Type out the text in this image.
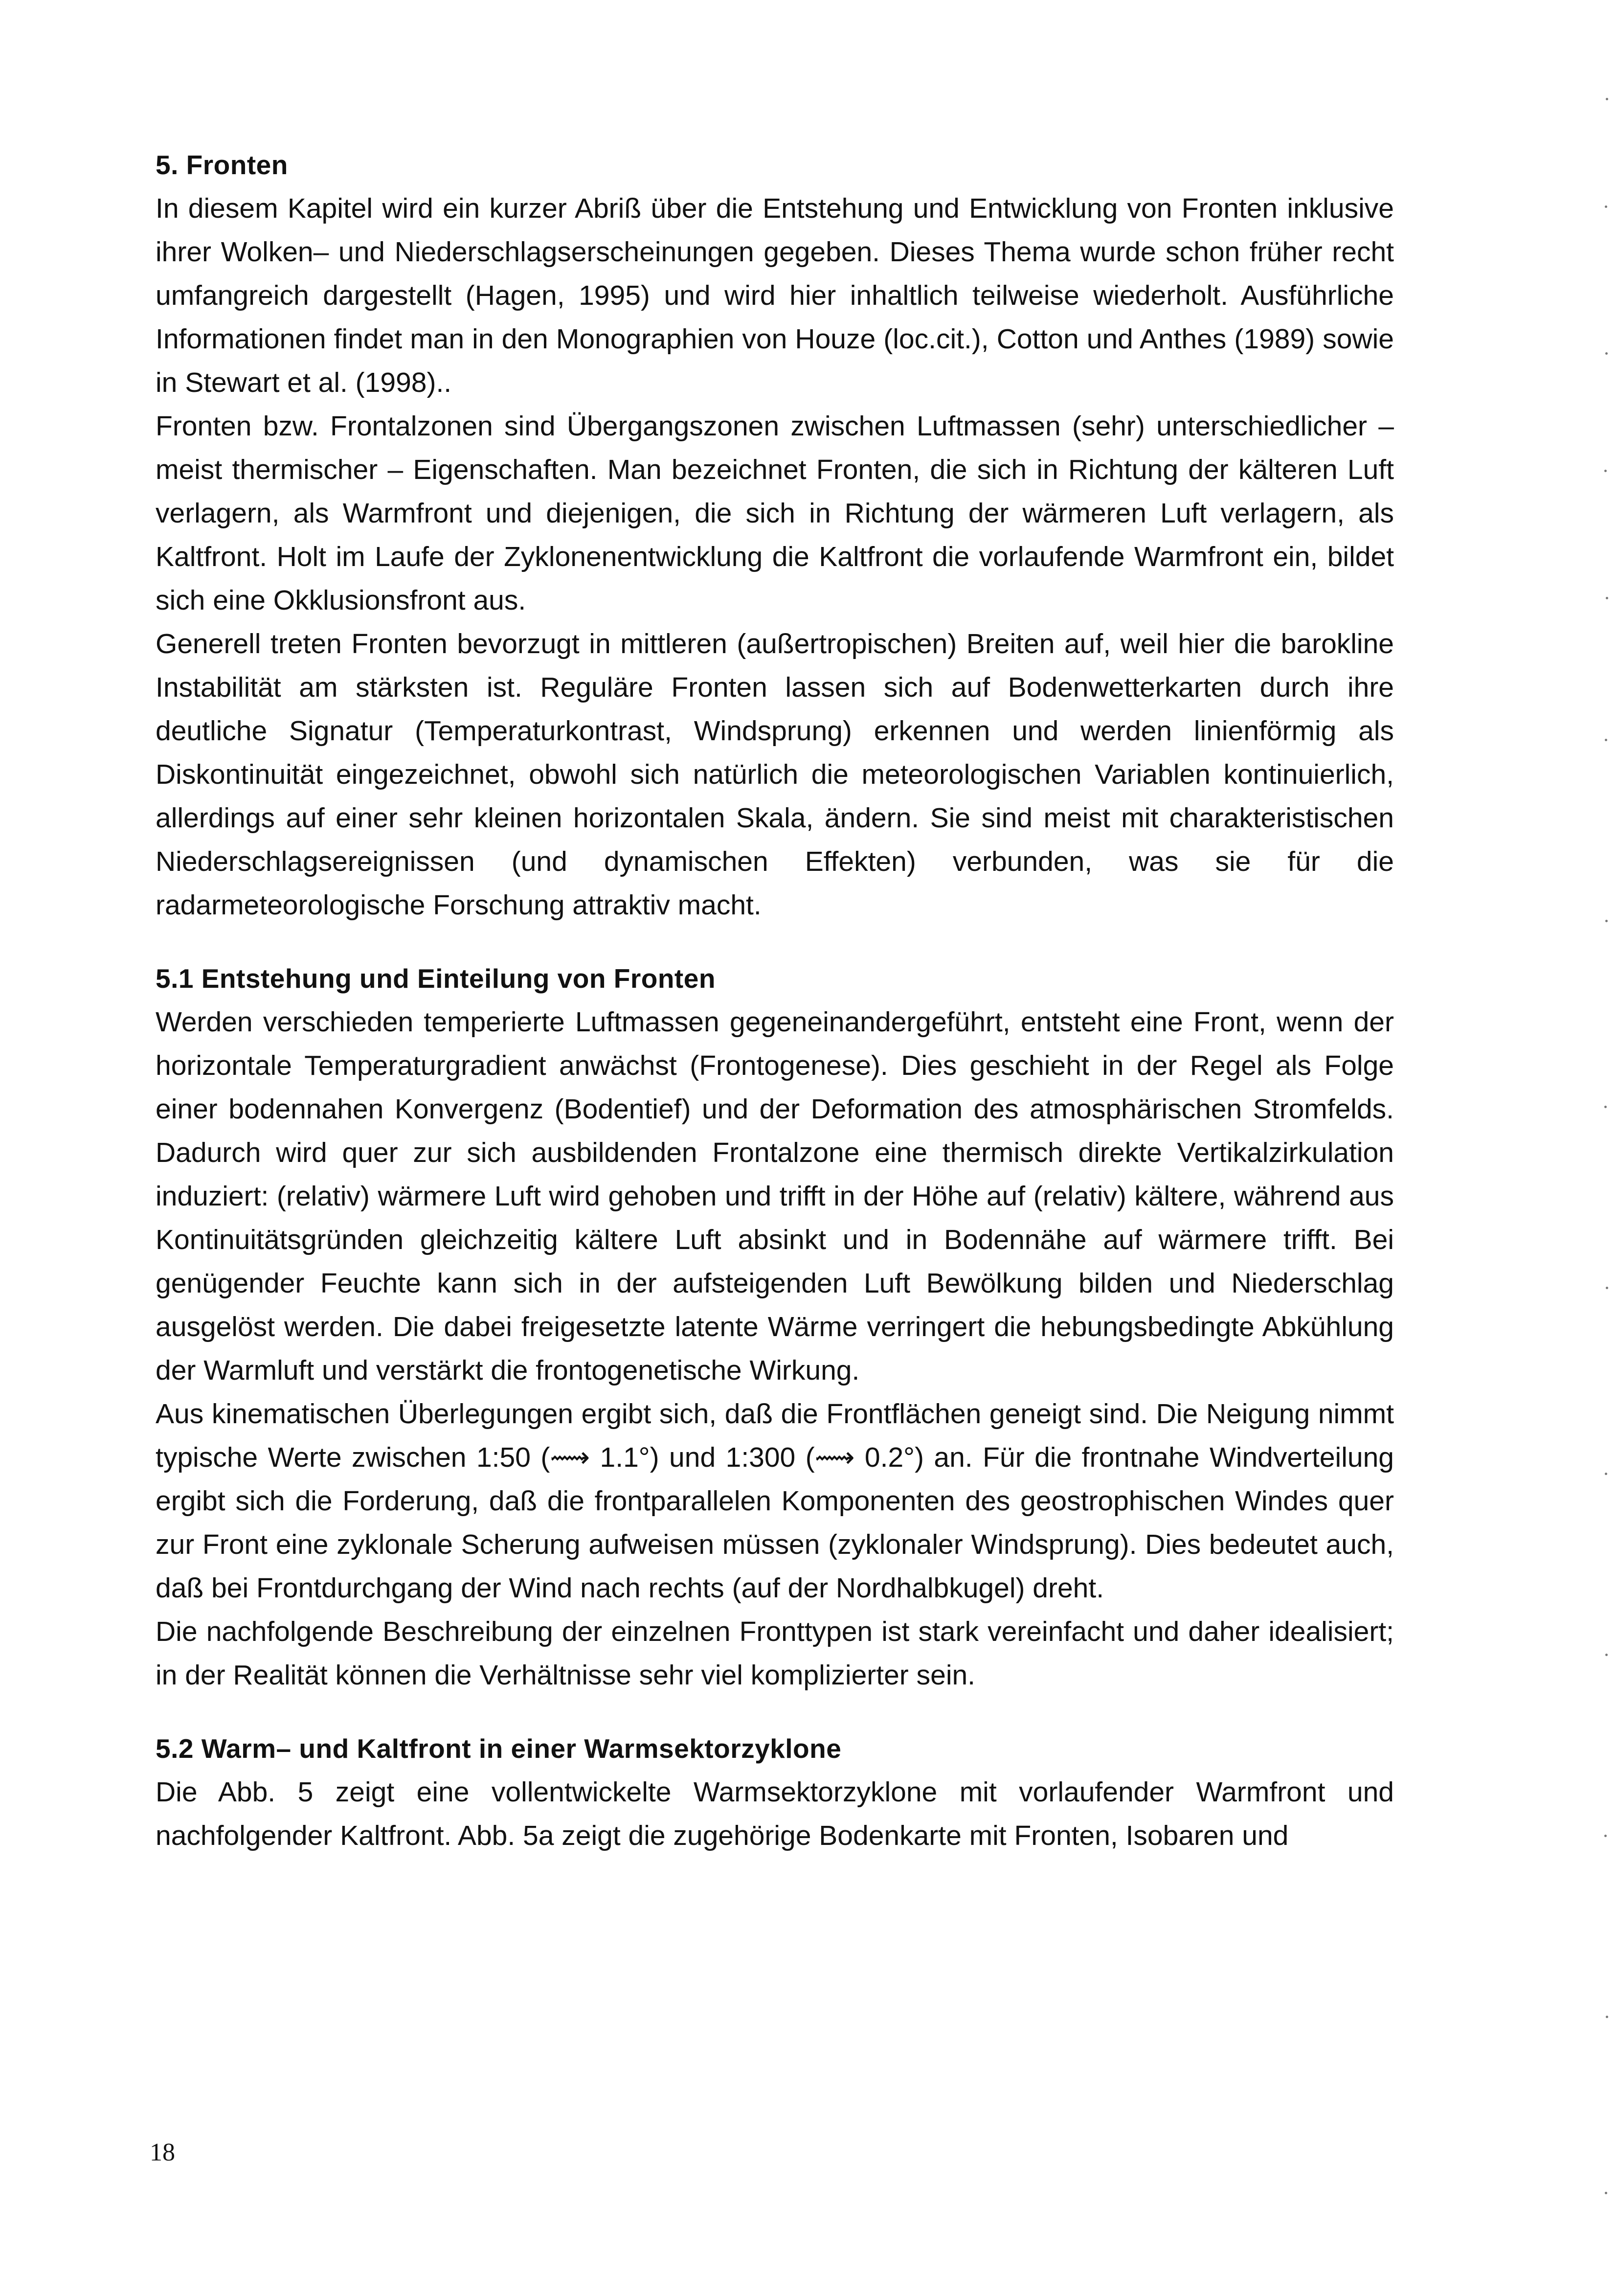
5. Fronten

In diesem Kapitel wird ein kurzer Abriß über die Entstehung und Entwicklung von Fronten inklusive ihrer Wolken– und Niederschlagserscheinungen gegeben. Dieses Thema wurde schon früher recht umfangreich dargestellt (Hagen, 1995) und wird hier inhaltlich teilweise wiederholt. Ausführliche Informationen findet man in den Monographien von Houze (loc.cit.), Cotton und Anthes (1989) sowie in Stewart et al. (1998)..

Fronten bzw. Frontalzonen sind Übergangszonen zwischen Luftmassen (sehr) unterschiedlicher – meist thermischer – Eigenschaften. Man bezeichnet Fronten, die sich in Richtung der kälteren Luft verlagern, als Warmfront und diejenigen, die sich in Richtung der wärmeren Luft verlagern, als Kaltfront. Holt im Laufe der Zyklonenentwicklung die Kaltfront die vorlaufende Warmfront ein, bildet sich eine Okklusionsfront aus.

Generell treten Fronten bevorzugt in mittleren (außertropischen) Breiten auf, weil hier die barokline Instabilität am stärksten ist. Reguläre Fronten lassen sich auf Bodenwetterkarten durch ihre deutliche Signatur (Temperaturkontrast, Windsprung) erkennen und werden linienförmig als Diskontinuität eingezeichnet, obwohl sich natürlich die meteorologischen Variablen kontinuierlich, allerdings auf einer sehr kleinen horizontalen Skala, ändern. Sie sind meist mit charakteristischen Niederschlagsereignissen (und dynamischen Effekten) verbunden, was sie für die radarmeteorologische Forschung attraktiv macht.

5.1 Entstehung und Einteilung von Fronten

Werden verschieden temperierte Luftmassen gegeneinandergeführt, entsteht eine Front, wenn der horizontale Temperaturgradient anwächst (Frontogenese). Dies geschieht in der Regel als Folge einer bodennahen Konvergenz (Bodentief) und der Deformation des atmosphärischen Stromfelds. Dadurch wird quer zur sich ausbildenden Frontalzone eine thermisch direkte Vertikalzirkulation induziert: (relativ) wärmere Luft wird gehoben und trifft in der Höhe auf (relativ) kältere, während aus Kontinuitätsgründen gleichzeitig kältere Luft absinkt und in Bodennähe auf wärmere trifft. Bei genügender Feuchte kann sich in der aufsteigenden Luft Bewölkung bilden und Niederschlag ausgelöst werden. Die dabei freigesetzte latente Wärme verringert die hebungsbedingte Abkühlung der Warmluft und verstärkt die frontogenetische Wirkung.

Aus kinematischen Überlegungen ergibt sich, daß die Frontflächen geneigt sind. Die Neigung nimmt typische Werte zwischen 1:50 (⟿ 1.1°) und 1:300 (⟿ 0.2°) an. Für die frontnahe Windverteilung ergibt sich die Forderung, daß die frontparallelen Komponenten des geostrophischen Windes quer zur Front eine zyklonale Scherung aufweisen müssen (zyklonaler Windsprung). Dies bedeutet auch, daß bei Frontdurchgang der Wind nach rechts (auf der Nordhalbkugel) dreht.

Die nachfolgende Beschreibung der einzelnen Fronttypen ist stark vereinfacht und daher idealisiert; in der Realität können die Verhältnisse sehr viel komplizierter sein.

5.2 Warm– und Kaltfront in einer Warmsektorzyklone

Die Abb. 5 zeigt eine vollentwickelte Warmsektorzyklone mit vorlaufender Warmfront und nachfolgender Kaltfront. Abb. 5a zeigt die zugehörige Bodenkarte mit Fronten, Isobaren und

18
